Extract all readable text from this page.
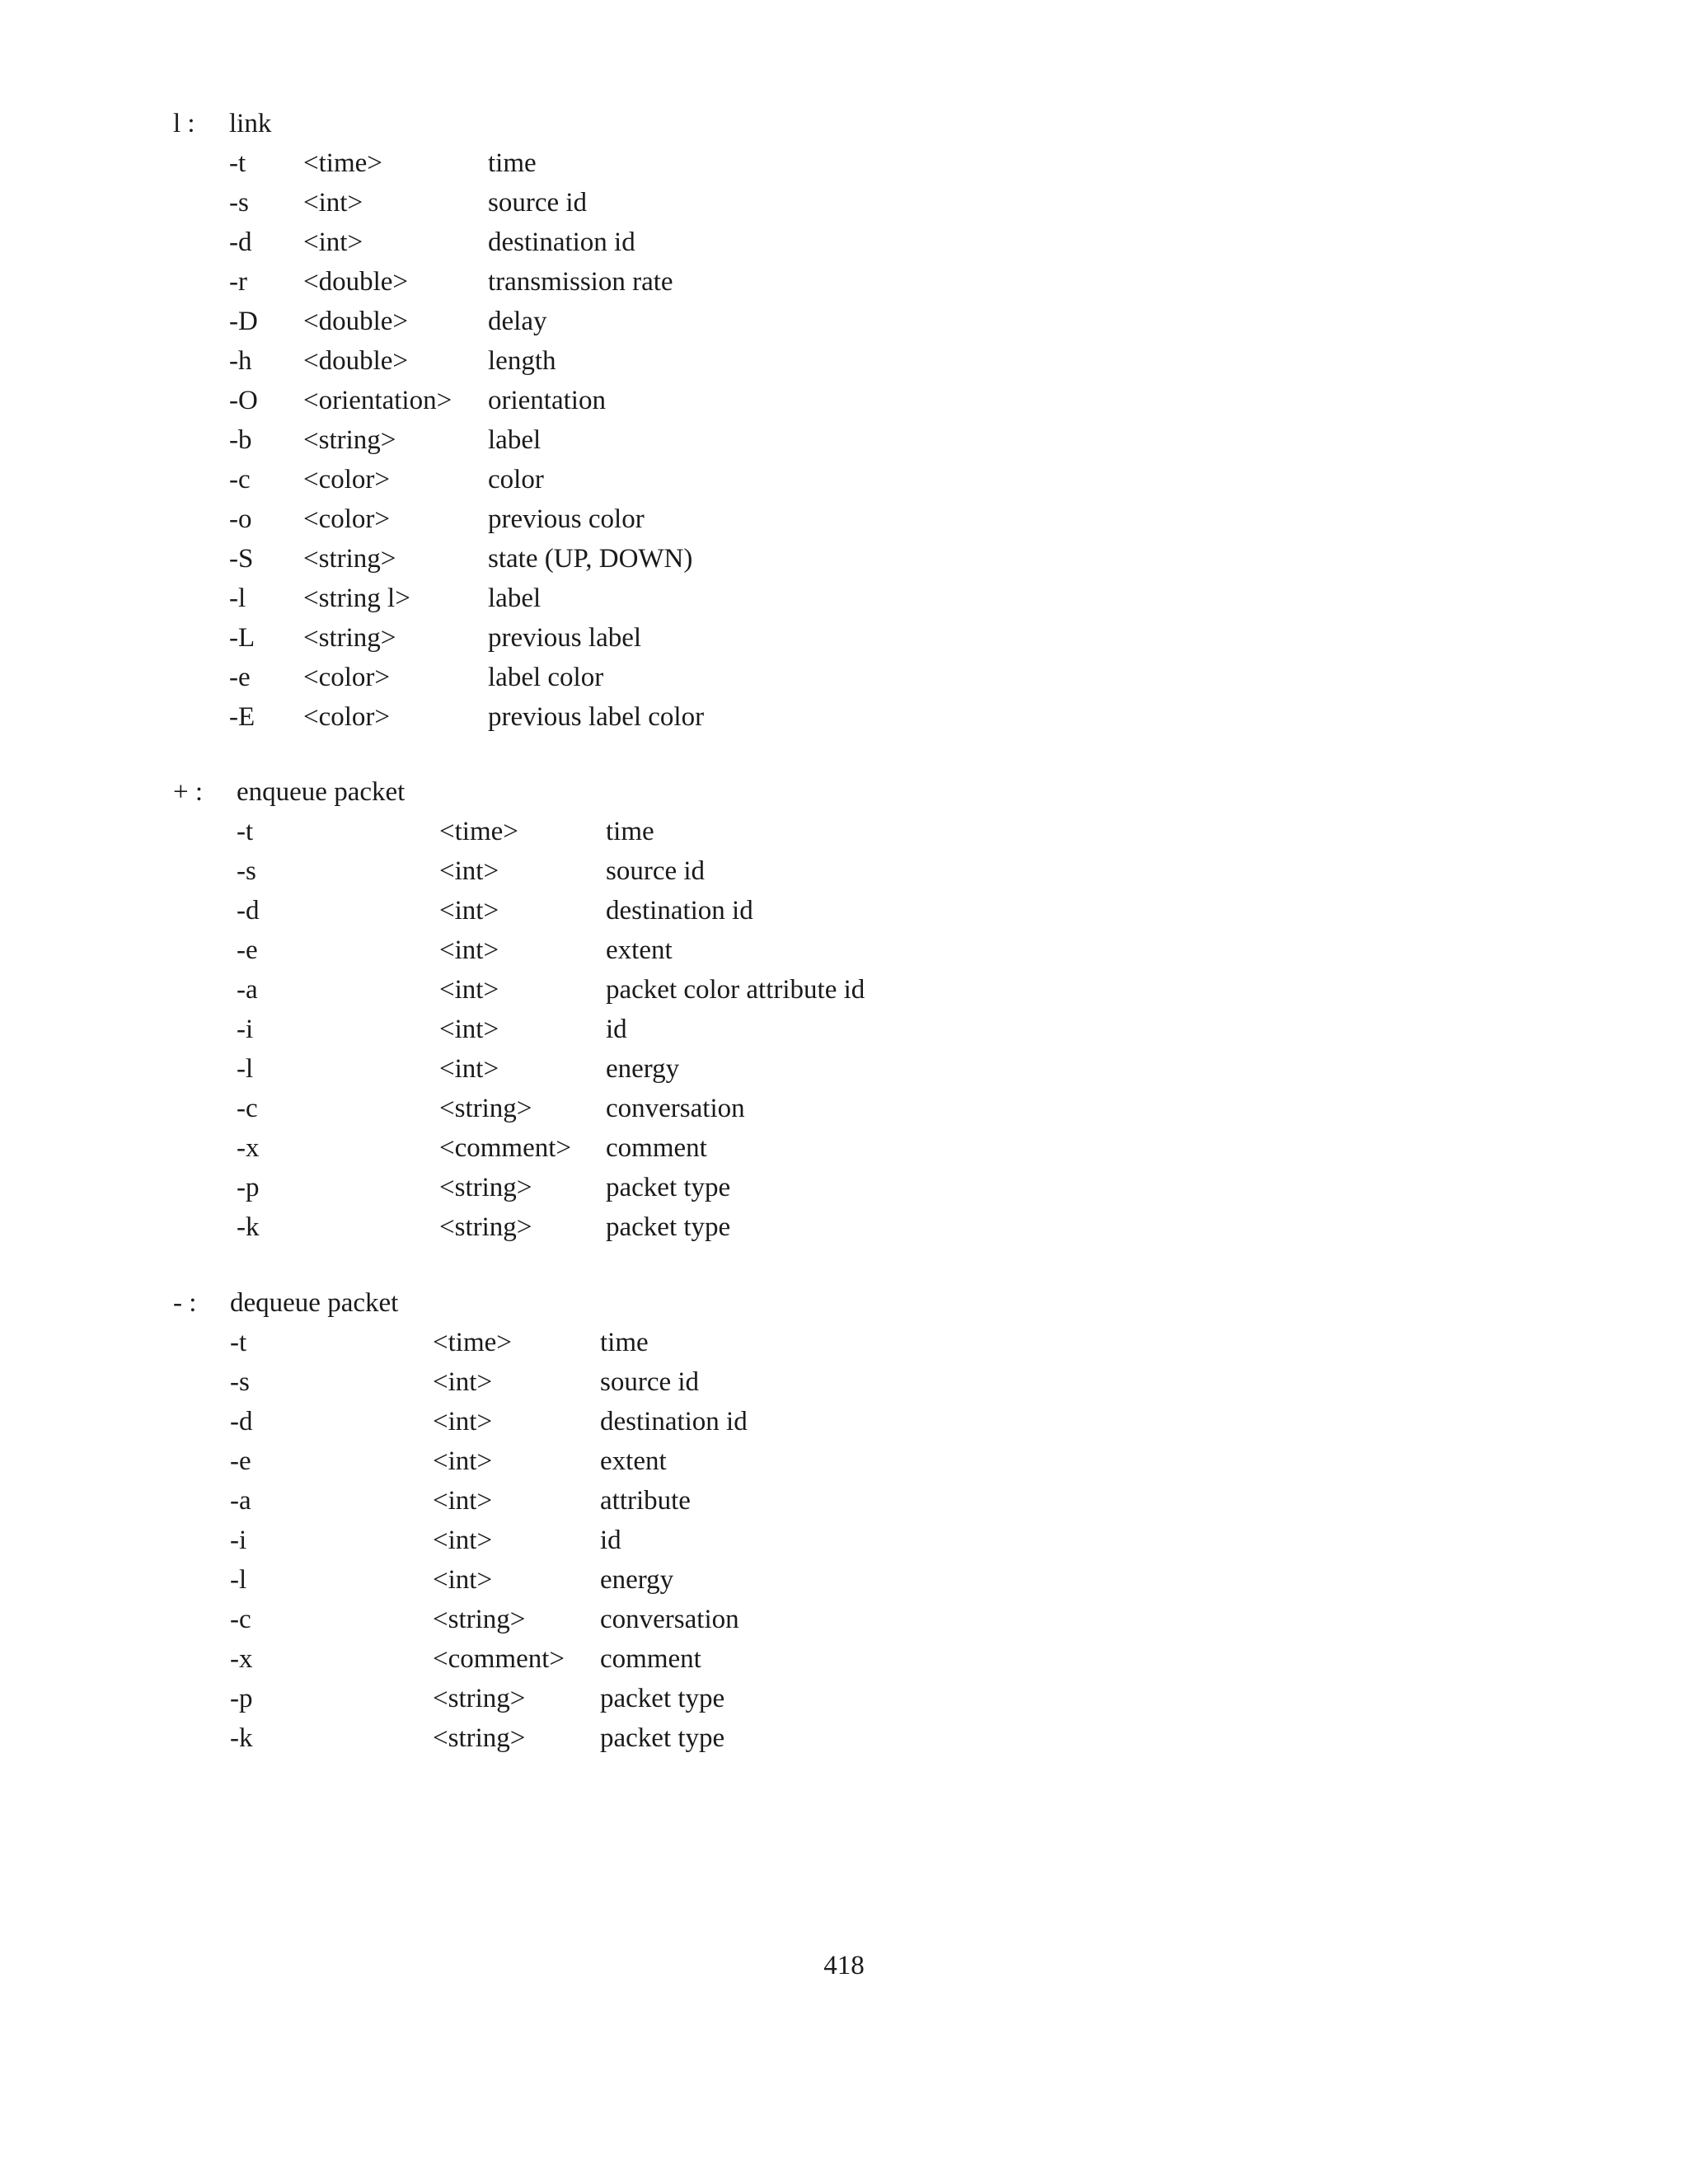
l : link
-t <time>	time
-s <int>	source id
-d <int>	destination id
-r <double>	transmission rate
-D <double>	delay
-h <double>	length
-O <orientation> orientation
-b <string>	label
-c <color>	color
-o <color>	previous color
-S <string>	state (UP, DOWN)
-l <string l>	label
-L <string>	previous label
-e <color>	label color
-E <color>	previous label color
+ : enqueue packet
-t	<time>	time
-s	<int>	source id
-d	<int>	destination id
-e	<int>	extent
-a	<int>	packet color attribute id
-i	<int>	id
-l	<int>	energy
-c	<string>	conversation
-x	<comment> comment
-p	<string>	packet type
-k	<string>	packet type
- : dequeue packet
-t	<time>	time
-s	<int>	source id
-d	<int>	destination id
-e	<int>	extent
-a	<int>	attribute
-i	<int>	id
-l	<int>	energy
-c	<string>	conversation
-x	<comment> comment
-p	<string>	packet type
-k	<string>	packet type
418
